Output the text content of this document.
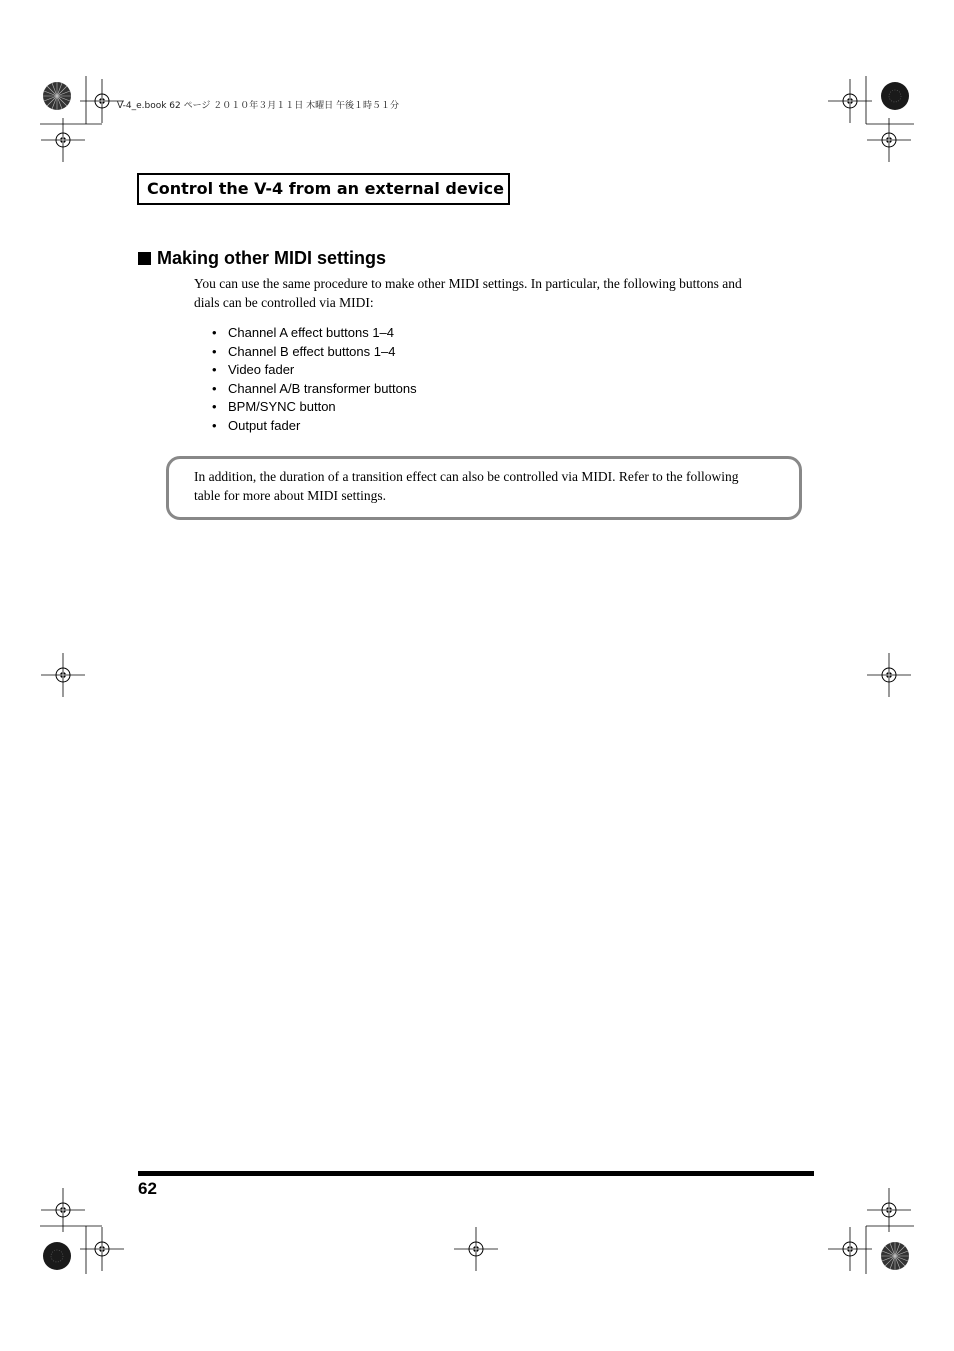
V-4_e.book 62 ページ ２０１０年３月１１日 木曜日 午後１時５１分
Control the V-4 from an external device
Making other MIDI settings
You can use the same procedure to make other MIDI settings. In particular, the following buttons and dials can be controlled via MIDI:
• Channel A effect buttons 1–4
• Channel B effect buttons 1–4
• Video fader
• Channel A/B transformer buttons
• BPM/SYNC button
• Output fader
In addition, the duration of a transition effect can also be controlled via MIDI. Refer to the following table for more about MIDI settings.
62
